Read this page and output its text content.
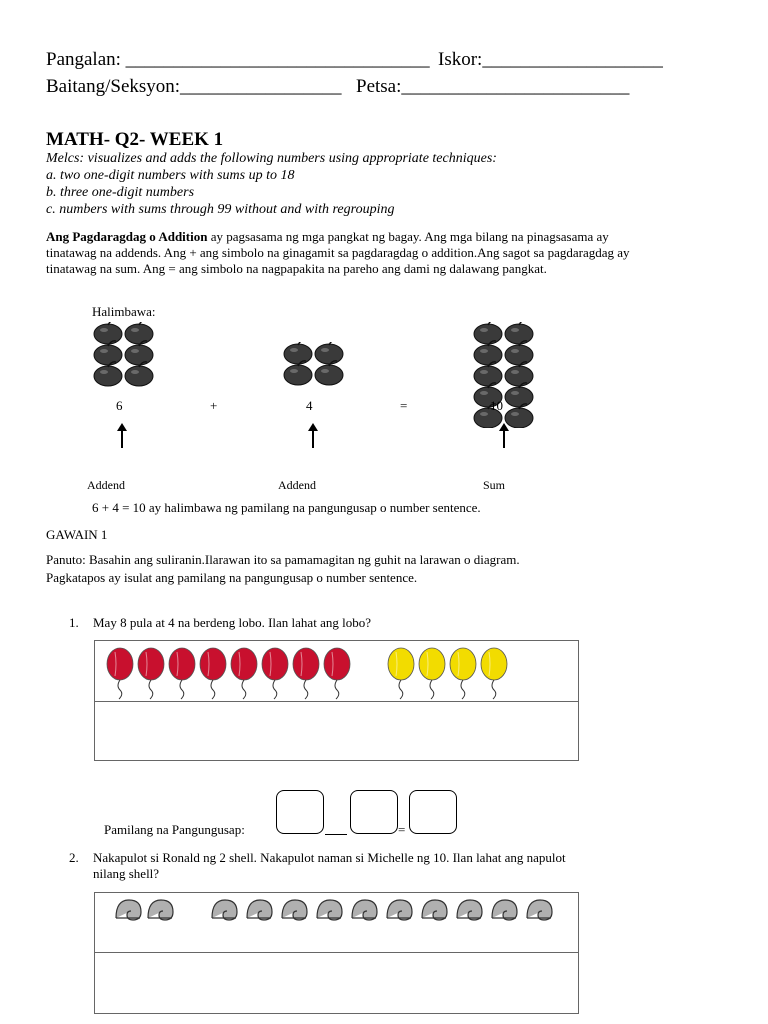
Pangalan: ________________________________ Iskor:___________________
Baitang/Seksyon:_________________ Petsa:________________________
MATH- Q2- WEEK 1
Melcs: visualizes and adds the following numbers using appropriate techniques:
a. two one-digit numbers with sums up to 18
b. three one-digit numbers
c. numbers with sums through 99 without and with regrouping
Ang Pagdaragdag o Addition ay pagsasama ng mga pangkat ng bagay. Ang mga bilang na pinagsasama ay tinatawag na addends. Ang + ang simbolo na ginagamit sa pagdaragdag o addition.Ang sagot sa pagdaragdag ay tinatawag na sum. Ang = ang simbolo na nagpapakita na pareho ang dami ng dalawang pangkat.
Halimbawa:
6	+	4	=	10
Addend	Addend	Sum
6 + 4 = 10 ay halimbawa ng pamilang na pangungusap o number sentence.
GAWAIN 1
Panuto: Basahin ang suliranin.Ilarawan ito sa pamamagitan ng guhit na larawan o diagram.
Pagkatapos ay isulat ang pamilang na pangungusap o number sentence.
1. May 8 pula at 4 na berdeng lobo. Ilan lahat ang lobo?
Pamilang na Pangungusap:	=
2. Nakapulot si Ronald ng 2 shell. Nakapulot naman si Michelle ng 10. Ilan lahat ang napulot
nilang shell?
